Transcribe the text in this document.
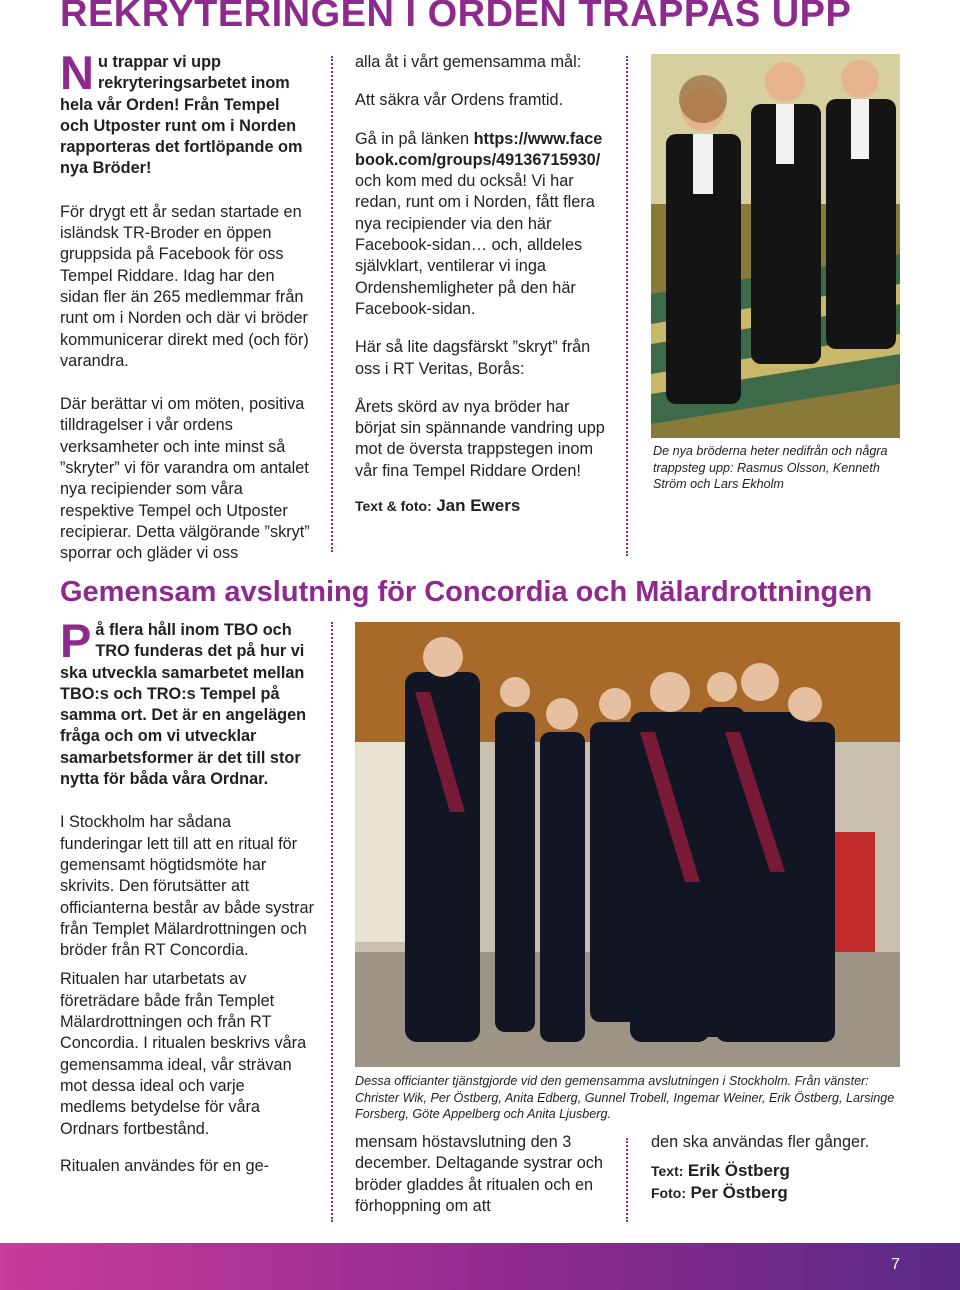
REKRYTERINGEN I ORDEN TRAPPAS UPP

Nu trappar vi upp rekryteringsarbetet inom hela vår Orden! Från Tempel och Utposter runt om i Norden rapporteras det fortlöpande om nya Bröder!

För drygt ett år sedan startade en isländsk TR-Broder en öppen gruppsida på Facebook för oss Tempel Riddare. Idag har den sidan fler än 265 medlemmar från runt om i Norden och där vi bröder kommunicerar direkt med (och för) varandra.

Där berättar vi om möten, positiva tilldragelser i vår ordens verksamheter och inte minst så ”skryter” vi för varandra om antalet nya recipiender som våra respektive Tempel och Utposter recipierar. Detta välgörande ”skryt” sporrar och gläder vi oss

alla åt i vårt gemensamma mål:

Att säkra vår Ordens framtid.

Gå in på länken https://www.facebook.com/groups/49136715930/ och kom med du också! Vi har redan, runt om i Norden, fått flera nya recipiender via den här Facebook-sidan… och, alldeles självklart, ventilerar vi inga Ordenshemligheter på den här Facebook-sidan.

Här så lite dagsfärskt ”skryt” från oss i RT Veritas, Borås:

Årets skörd av nya bröder har börjat sin spännande vandring upp mot de översta trappstegen inom vår fina Tempel Riddare Orden!

Text & foto: Jan Ewers

De nya bröderna heter nedifrån och några trappsteg upp: Rasmus Olsson, Kenneth Ström och Lars Ekholm

Gemensam avslutning för Concordia och Mälardrottningen

På flera håll inom TBO och TRO funderas det på hur vi ska utveckla samarbetet mellan TBO:s och TRO:s Tempel på samma ort. Det är en angelägen fråga och om vi utvecklar samarbetsformer är det till stor nytta för båda våra Ordnar.

I Stockholm har sådana funderingar lett till att en ritual för gemensamt högtidsmöte har skrivits. Den förutsätter att officianterna består av både systrar från Templet Mälardrottningen och bröder från RT Concordia.

Ritualen har utarbetats av företrädare både från Templet Mälardrottningen och från RT Concordia. I ritualen beskrivs våra gemensamma ideal, vår strävan mot dessa ideal och varje medlems betydelse för våra Ordnars fortbestånd.

Ritualen användes för en ge-

Dessa officianter tjänstgjorde vid den gemensamma avslutningen i Stockholm. Från vänster: Christer Wik, Per Östberg, Anita Edberg, Gunnel Trobell, Ingemar Weiner, Erik Östberg, Larsinge Forsberg, Göte Appelberg och Anita Ljusberg.

mensam höstavslutning den 3 december. Deltagande systrar och bröder gladdes åt ritualen och en förhoppning om att

den ska användas fler gånger.

Text: Erik Östberg

Foto: Per Östberg

7
